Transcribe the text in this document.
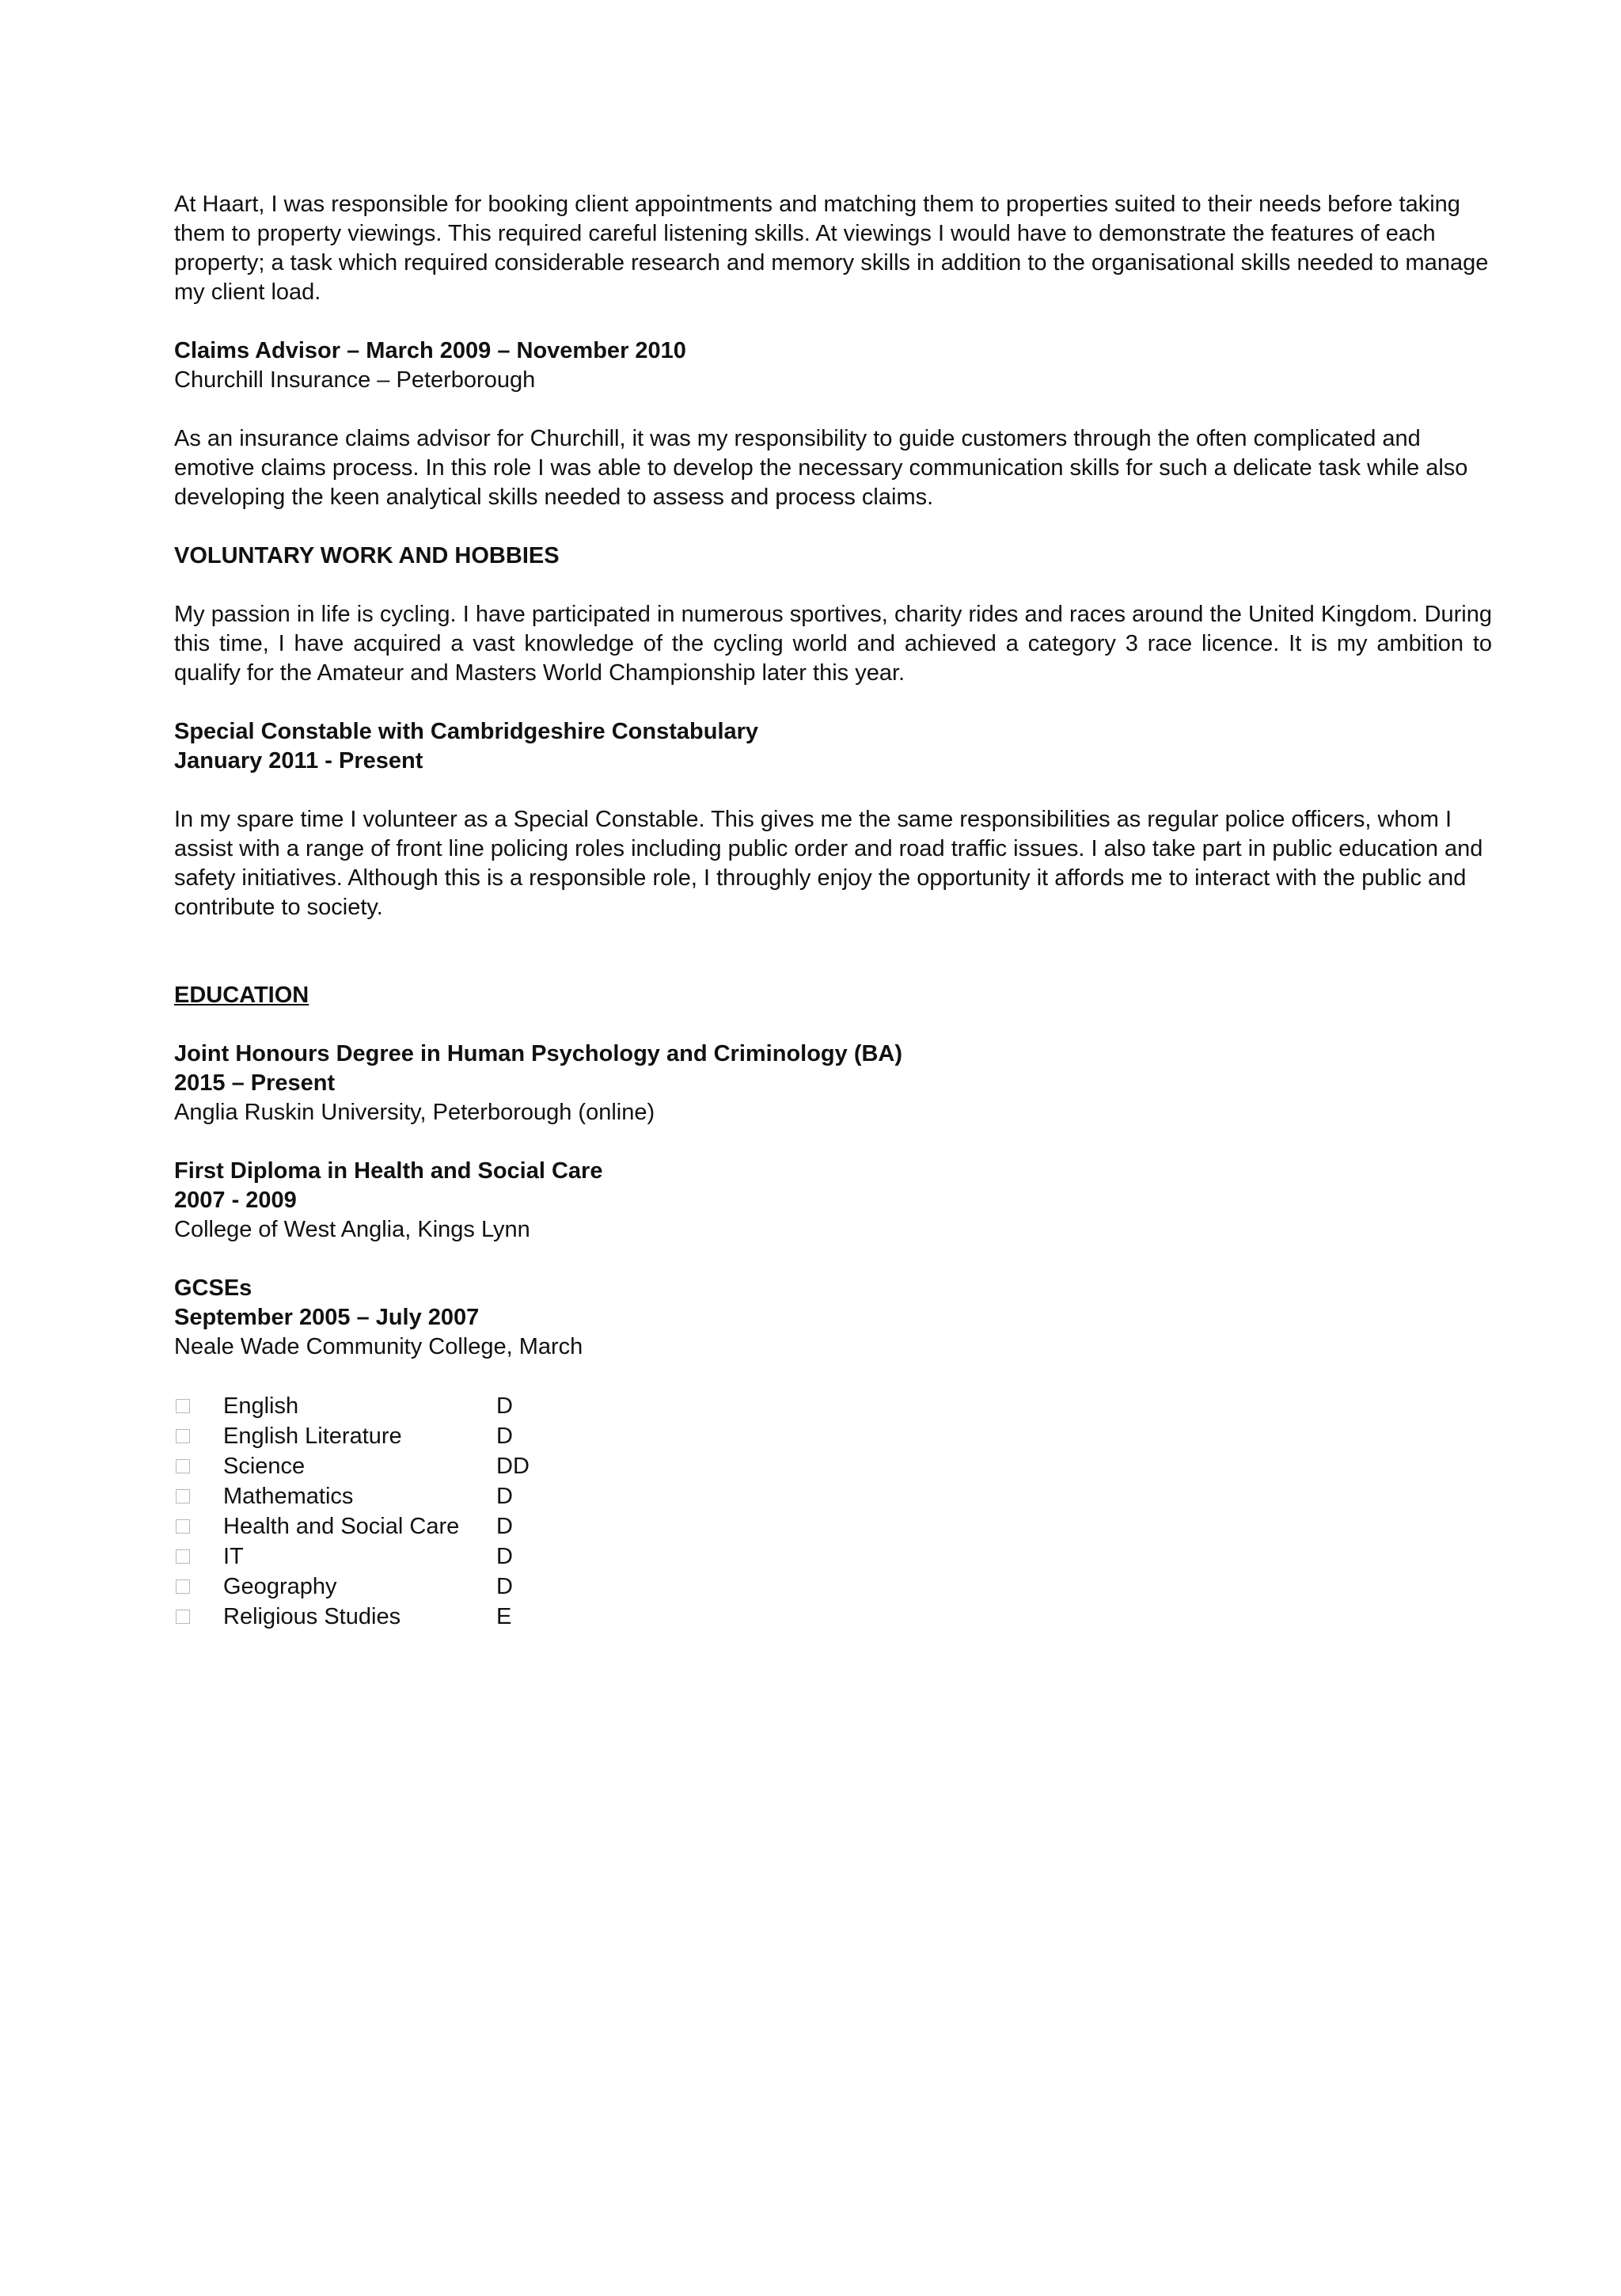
At Haart, I was responsible for booking client appointments and matching them to properties suited to their needs before taking them to property viewings. This required careful listening skills. At viewings I would have to demonstrate the features of each property; a task which required considerable research and memory skills in addition to the organisational skills needed to manage my client load.

Claims Advisor – March 2009 – November 2010

Churchill Insurance – Peterborough

As an insurance claims advisor for Churchill, it was my responsibility to guide customers through the often complicated and emotive claims process. In this role I was able to develop the necessary communication skills for such a delicate task while also developing the keen analytical skills needed to assess and process claims.

VOLUNTARY WORK AND HOBBIES

My passion in life is cycling. I have participated in numerous sportives, charity rides and races around the United Kingdom. During this time, I have acquired a vast knowledge of the cycling world and achieved a category 3 race licence. It is my ambition to qualify for the Amateur and Masters World Championship later this year.

Special Constable with Cambridgeshire Constabulary

January 2011 - Present

In my spare time I volunteer as a Special Constable. This gives me the same responsibilities as regular police officers, whom I assist with a range of front line policing roles including public order and road traffic issues. I also take part in public education and safety initiatives. Although this is a responsible role, I throughly enjoy the opportunity it affords me to interact with the public and contribute to society.

EDUCATION

Joint Honours Degree in Human Psychology and Criminology (BA)

2015 – Present

Anglia Ruskin University, Peterborough (online)

First Diploma in Health and Social Care

2007 - 2009

College of West Anglia, Kings Lynn

GCSEs

September 2005 – July 2007

Neale Wade Community College, March

English	D
English Literature	D
Science	DD
Mathematics	D
Health and Social Care	D
IT	D
Geography	D
Religious Studies	E
